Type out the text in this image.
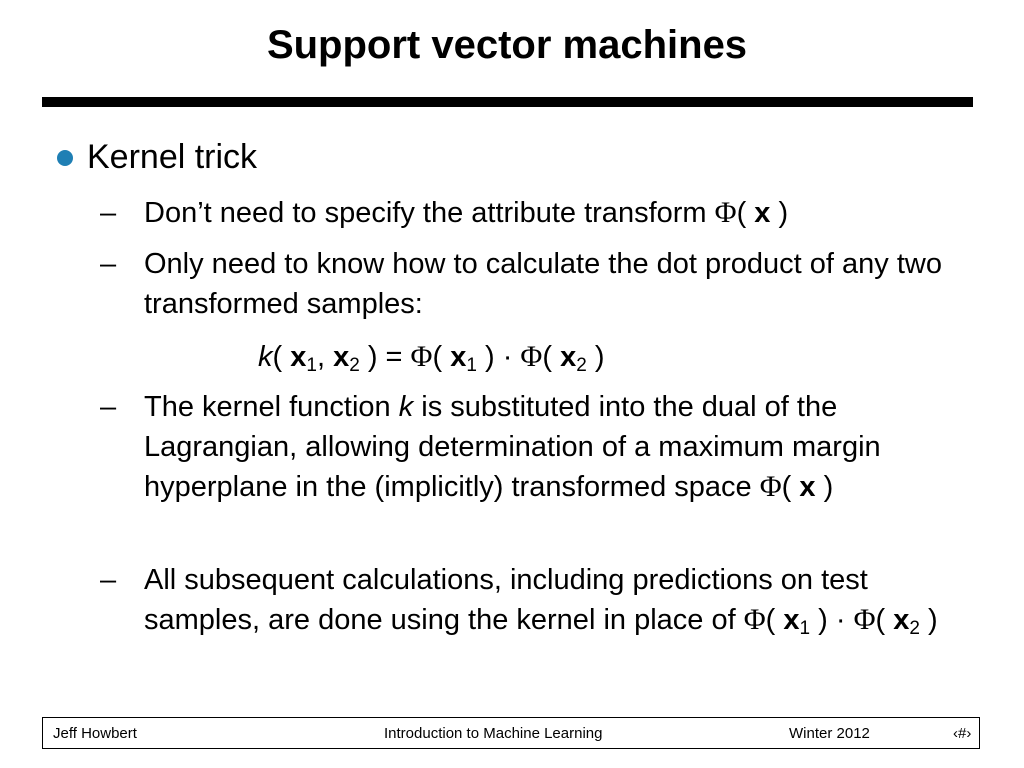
Support vector machines
Kernel trick
– Don’t need to specify the attribute transform Φ( x )
– Only need to know how to calculate the dot product of any two transformed samples:
k( $x_1$, $x_2$ ) = Φ( $x_1$ ) · Φ( $x_2$ )
– The kernel function k is substituted into the dual of the Lagrangian, allowing determination of a maximum margin hyperplane in the (implicitly) transformed space Φ( x )
– All subsequent calculations, including predictions on test samples, are done using the kernel in place of Φ( $x_1$ ) · Φ( $x_2$ )
Jeff Howbert	Introduction to Machine Learning	Winter 2012	‹#›
